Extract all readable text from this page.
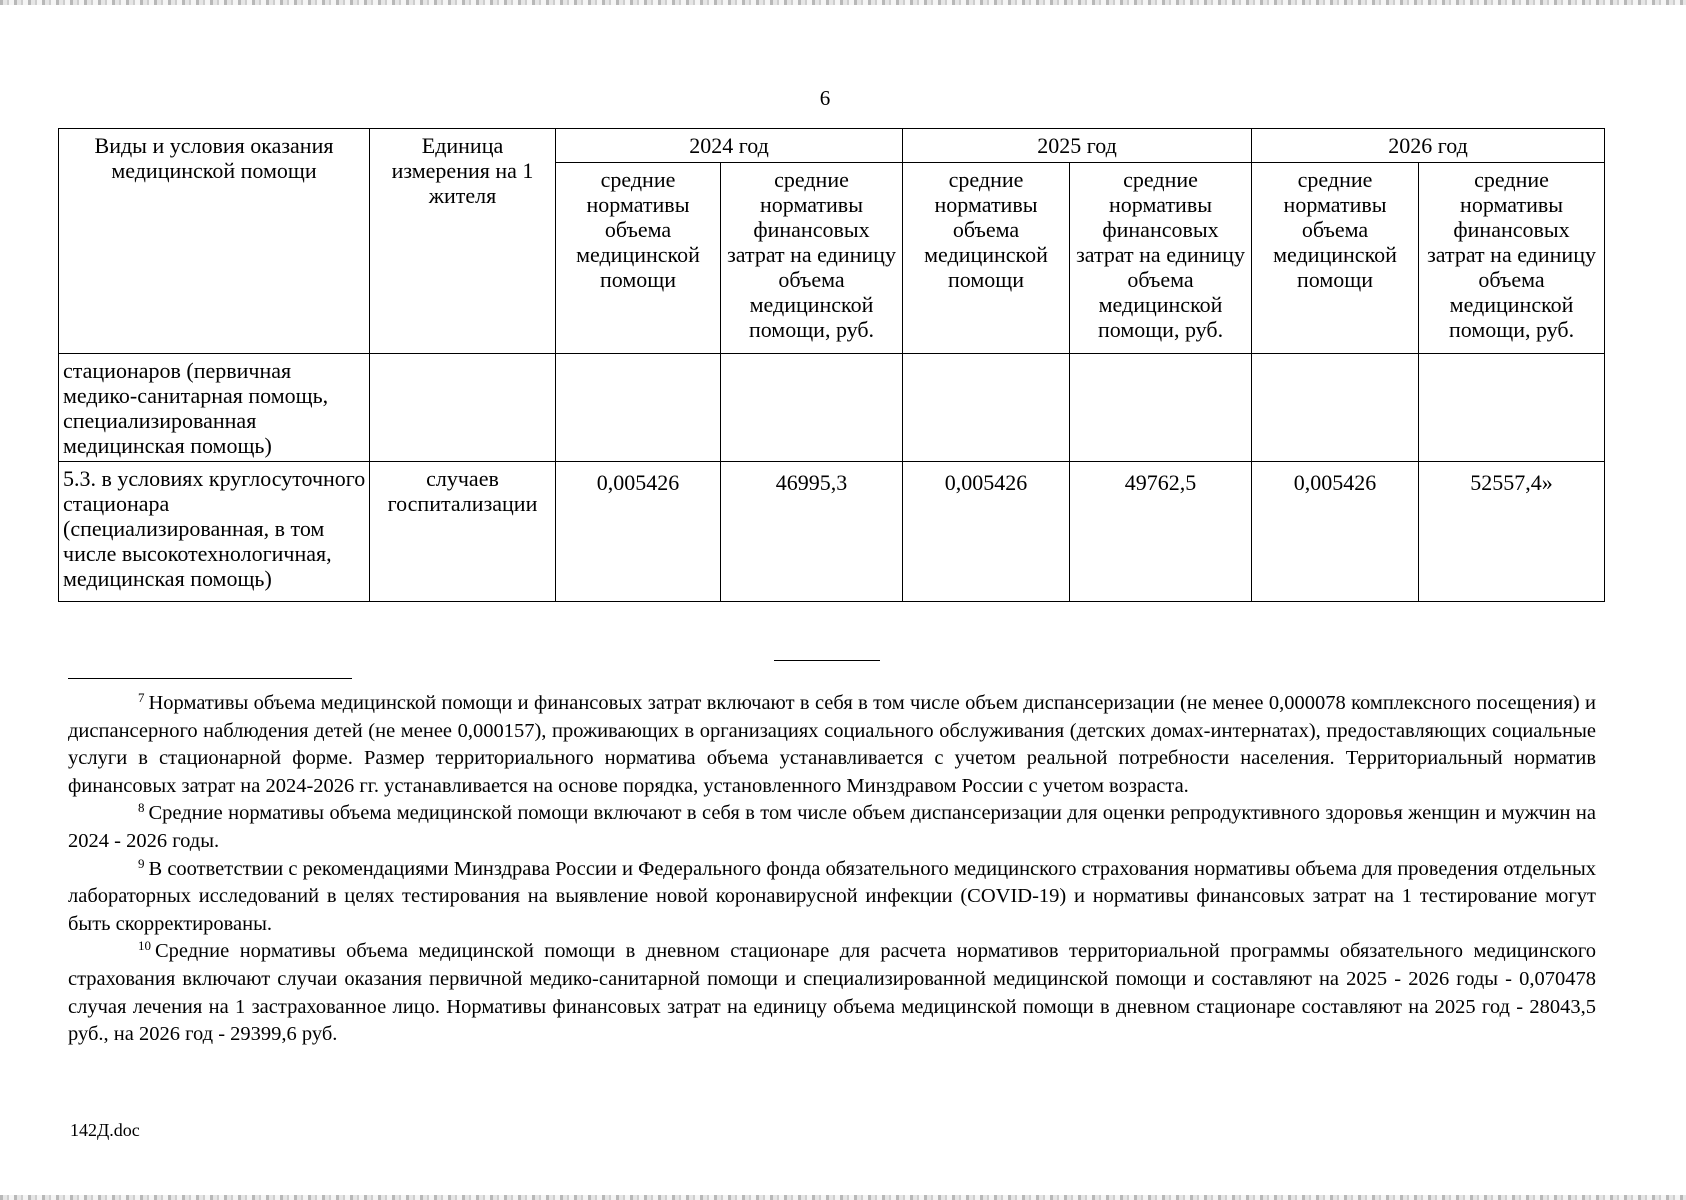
6
Виды и условия оказания медицинской помощи	Единица измерения на 1 жителя	2024 год		2025 год		2026 год	
		средние нормативы объема медицинской помощи	средние нормативы финансовых затрат на единицу объема медицинской помощи, руб.	средние нормативы объема медицинской помощи	средние нормативы финансовых затрат на единицу объема медицинской помощи, руб.	средние нормативы объема медицинской помощи	средние нормативы финансовых затрат на единицу объема медицинской помощи, руб.
стационаров (первичная медико-санитарная помощь, специализированная медицинская помощь)							
5.3. в условиях круглосуточного стационара (специализированная, в том числе высокотехнологичная, медицинская помощь)	случаев госпитализации	0,005426	46995,3	0,005426	49762,5	0,005426	52557,4»

$^7$ Нормативы объема медицинской помощи и финансовых затрат включают в себя в том числе объем диспансеризации (не менее 0,000078 комплексного посещения) и диспансерного наблюдения детей (не менее 0,000157), проживающих в организациях социального обслуживания (детских домах-интернатах), предоставляющих социальные услуги в стационарной форме. Размер территориального норматива объема устанавливается с учетом реальной потребности населения. Территориальный норматив финансовых затрат на 2024-2026 гг. устанавливается на основе порядка, установленного Минздравом России с учетом возраста.

$^8$ Средние нормативы объема медицинской помощи включают в себя в том числе объем диспансеризации для оценки репродуктивного здоровья женщин и мужчин на 2024 - 2026 годы.

$^9$ В соответствии с рекомендациями Минздрава России и Федерального фонда обязательного медицинского страхования нормативы объема для проведения отдельных лабораторных исследований в целях тестирования на выявление новой коронавирусной инфекции (COVID-19) и нормативы финансовых затрат на 1 тестирование могут быть скорректированы.

$^{10}$ Средние нормативы объема медицинской помощи в дневном стационаре для расчета нормативов территориальной программы обязательного медицинского страхования включают случаи оказания первичной медико-санитарной помощи и специализированной медицинской помощи и составляют на 2025 - 2026 годы - 0,070478 случая лечения на 1 застрахованное лицо. Нормативы финансовых затрат на единицу объема медицинской помощи в дневном стационаре составляют на 2025 год - 28043,5 руб., на 2026 год - 29399,6 руб.

142Д.doc
